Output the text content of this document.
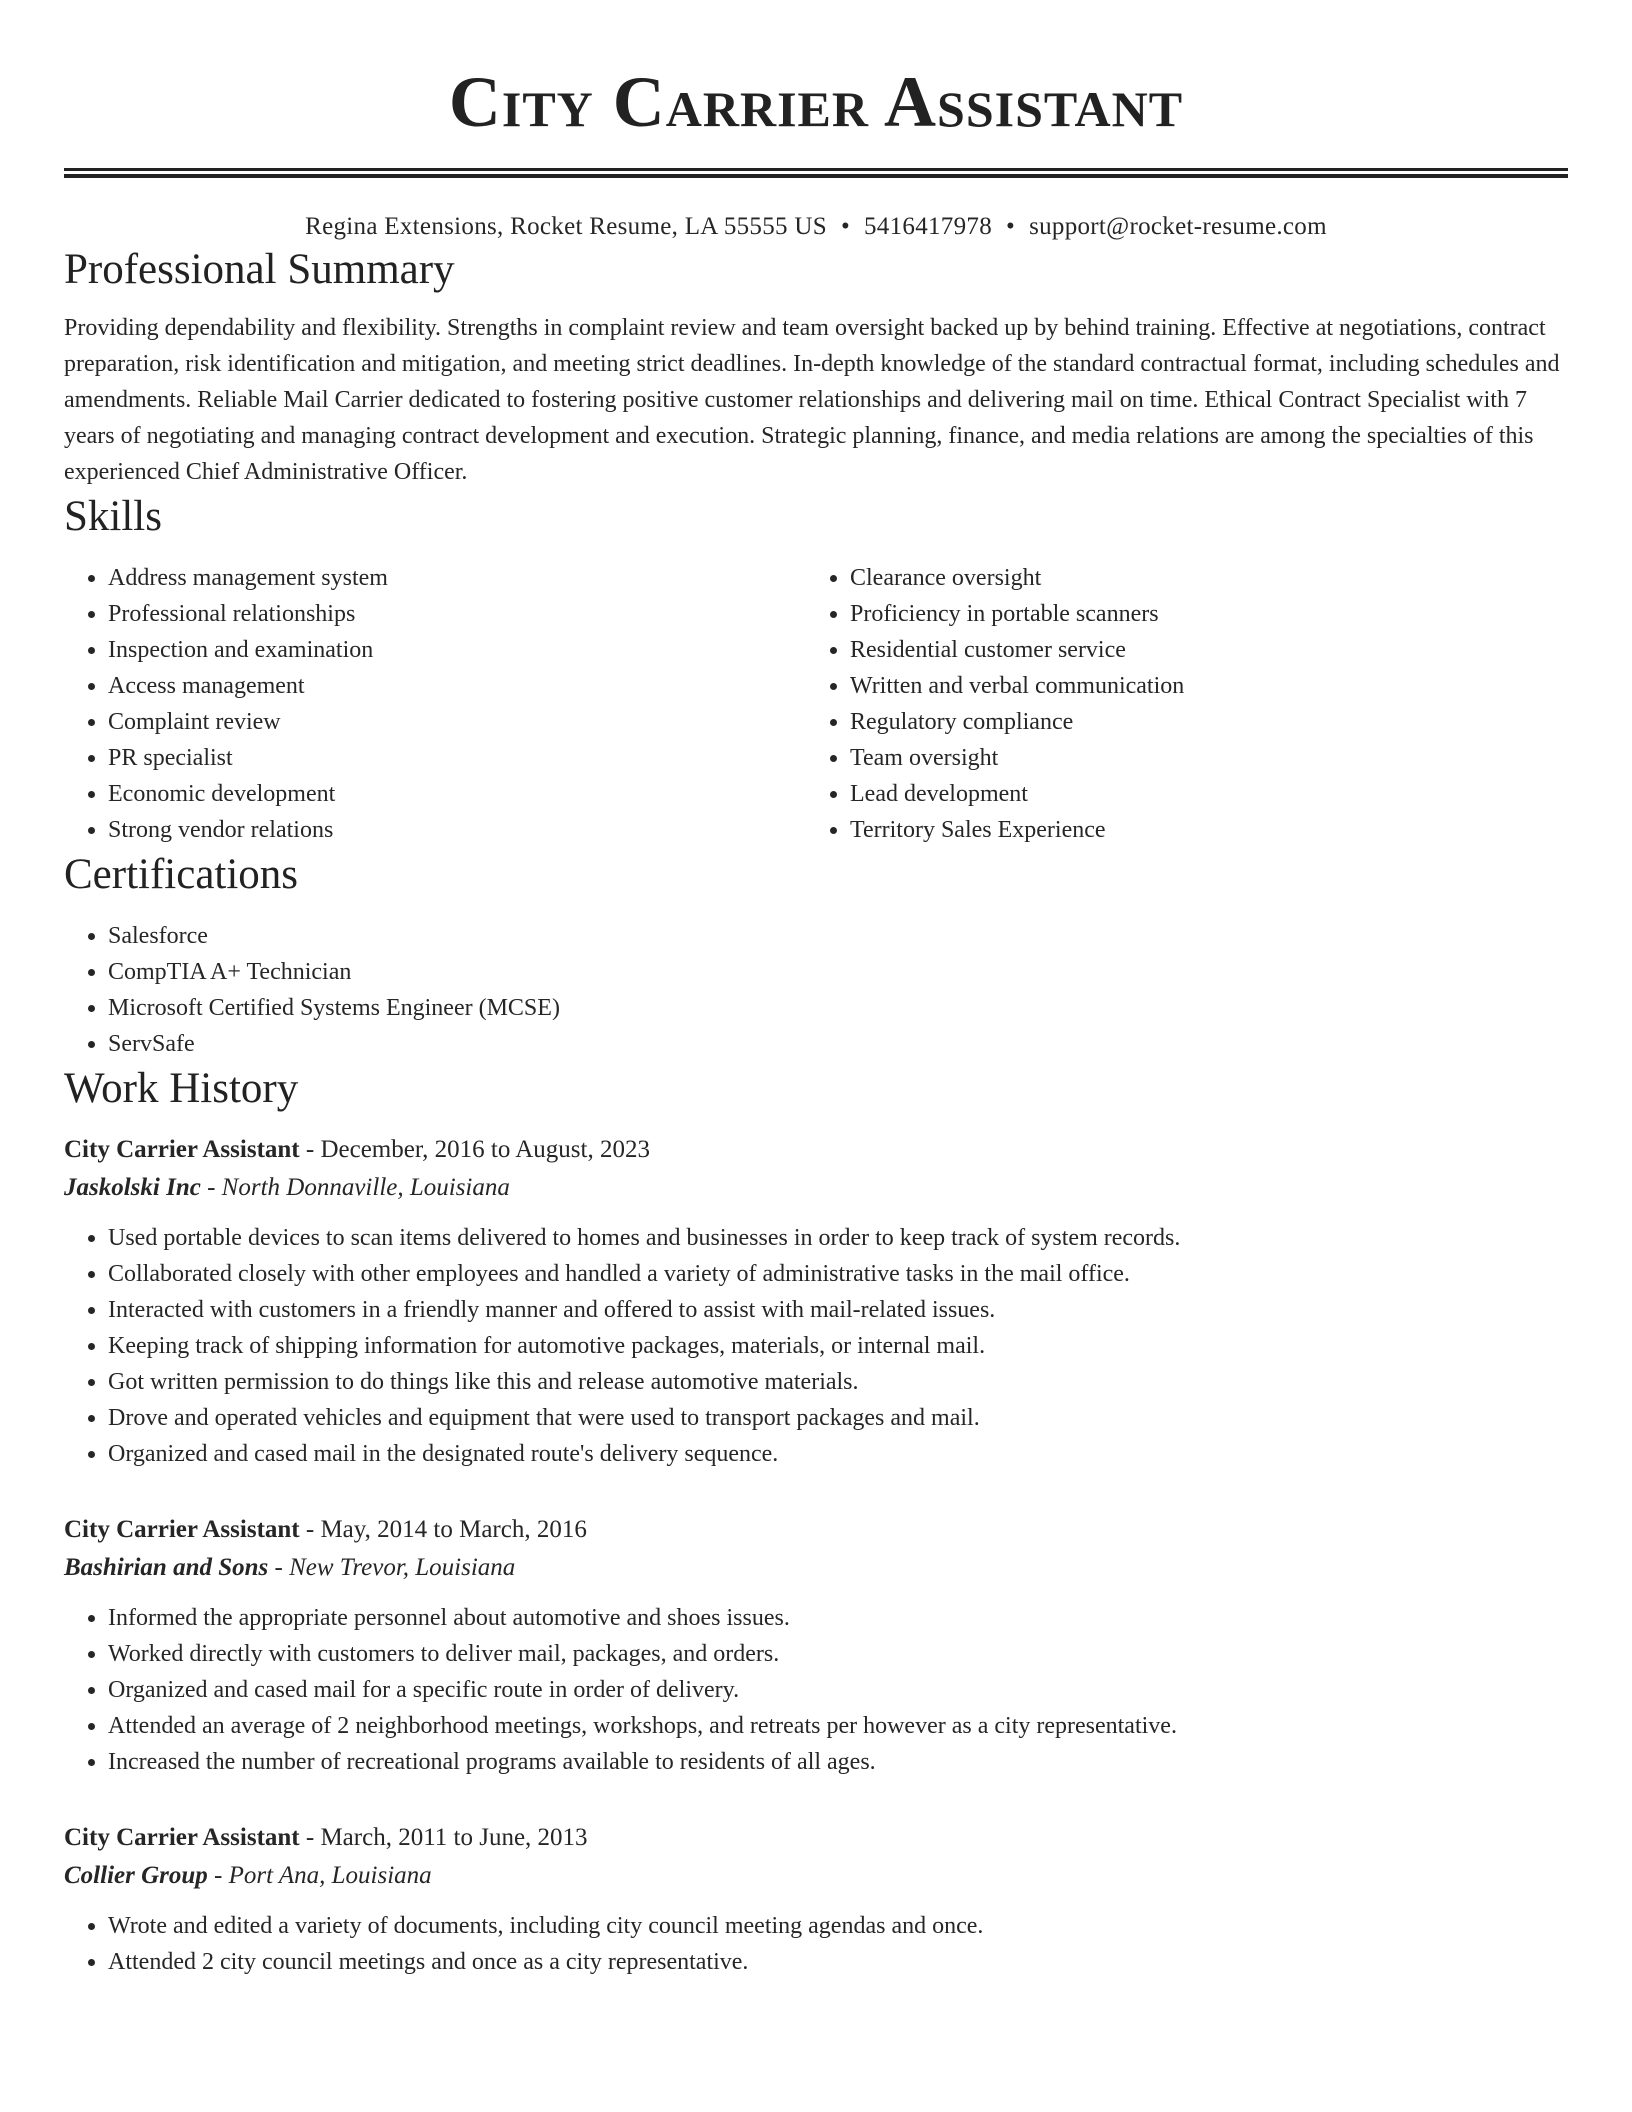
City Carrier Assistant
Regina Extensions, Rocket Resume, LA 55555 US • 5416417978 • support@rocket-resume.com
Professional Summary

Providing dependability and flexibility. Strengths in complaint review and team oversight backed up by behind training. Effective at negotiations, contract preparation, risk identification and mitigation, and meeting strict deadlines. In-depth knowledge of the standard contractual format, including schedules and amendments. Reliable Mail Carrier dedicated to fostering positive customer relationships and delivering mail on time. Ethical Contract Specialist with 7 years of negotiating and managing contract development and execution. Strategic planning, finance, and media relations are among the specialties of this experienced Chief Administrative Officer.

Skills
• Address management system
• Professional relationships
• Inspection and examination
• Access management
• Complaint review
• PR specialist
• Economic development
• Strong vendor relations
• Clearance oversight
• Proficiency in portable scanners
• Residential customer service
• Written and verbal communication
• Regulatory compliance
• Team oversight
• Lead development
• Territory Sales Experience
Certifications
• Salesforce
• CompTIA A+ Technician
• Microsoft Certified Systems Engineer (MCSE)
• ServSafe
Work History
City Carrier Assistant - December, 2016 to August, 2023
Jaskolski Inc - North Donnaville, Louisiana
• Used portable devices to scan items delivered to homes and businesses in order to keep track of system records.
• Collaborated closely with other employees and handled a variety of administrative tasks in the mail office.
• Interacted with customers in a friendly manner and offered to assist with mail-related issues.
• Keeping track of shipping information for automotive packages, materials, or internal mail.
• Got written permission to do things like this and release automotive materials.
• Drove and operated vehicles and equipment that were used to transport packages and mail.
• Organized and cased mail in the designated route's delivery sequence.
City Carrier Assistant - May, 2014 to March, 2016
Bashirian and Sons - New Trevor, Louisiana
• Informed the appropriate personnel about automotive and shoes issues.
• Worked directly with customers to deliver mail, packages, and orders.
• Organized and cased mail for a specific route in order of delivery.
• Attended an average of 2 neighborhood meetings, workshops, and retreats per however as a city representative.
• Increased the number of recreational programs available to residents of all ages.
City Carrier Assistant - March, 2011 to June, 2013
Collier Group - Port Ana, Louisiana
• Wrote and edited a variety of documents, including city council meeting agendas and once.
• Attended 2 city council meetings and once as a city representative.
